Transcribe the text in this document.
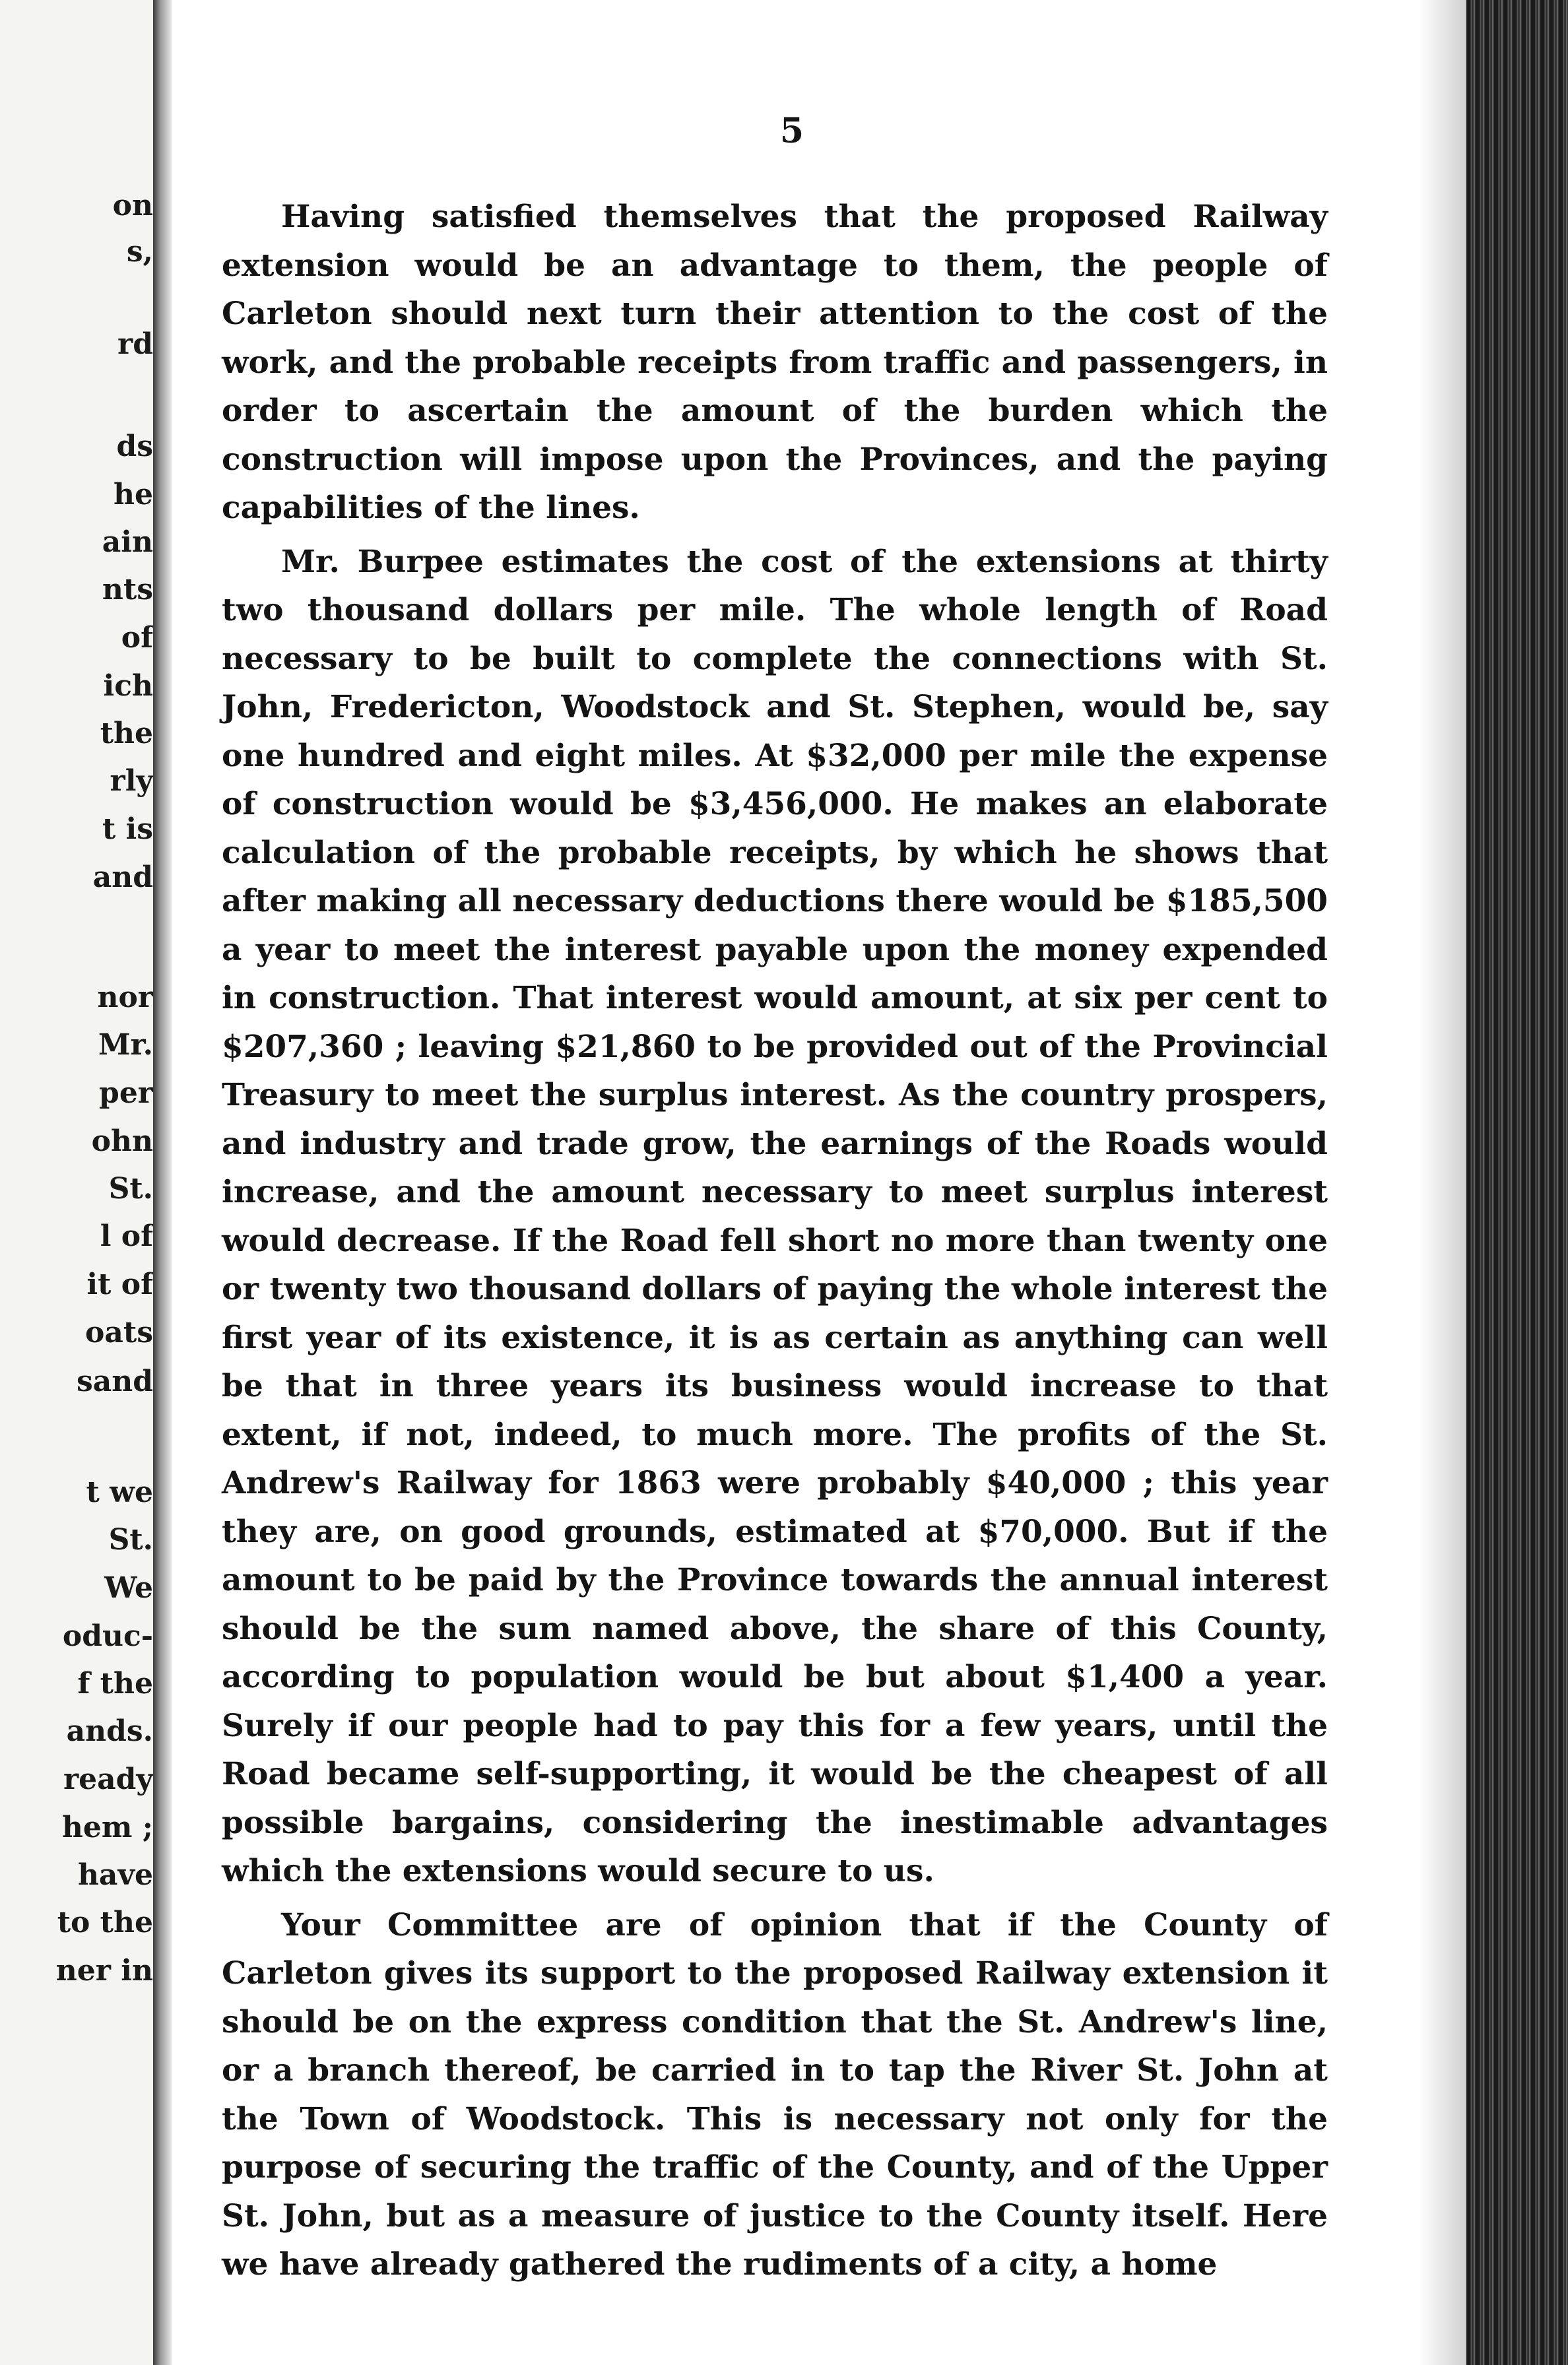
on
s,
rd
ds
he
ain
nts
of
ich
the
rly
t is
and
nor
Mr.
per
ohn
St.
l of
it of
oats
sand
t we
St.
We
oduc-
f the
ands.
ready
hem ;
have
to the
ner in
5

Having satisfied themselves that the proposed Railway extension would be an advantage to them, the people of Carleton should next turn their attention to the cost of the work, and the probable receipts from traffic and passengers, in order to ascertain the amount of the burden which the construction will impose upon the Provinces, and the paying capabilities of the lines.

Mr. Burpee estimates the cost of the extensions at thirty two thousand dollars per mile. The whole length of Road necessary to be built to complete the connections with St. John, Fredericton, Woodstock and St. Stephen, would be, say one hundred and eight miles. At $32,000 per mile the expense of construction would be $3,456,000. He makes an elaborate calculation of the probable receipts, by which he shows that after making all necessary deductions there would be $185,500 a year to meet the interest payable upon the money expended in construction. That interest would amount, at six per cent to $207,360 ; leaving $21,860 to be provided out of the Provincial Treasury to meet the surplus interest. As the country prospers, and industry and trade grow, the earnings of the Roads would increase, and the amount necessary to meet surplus interest would decrease. If the Road fell short no more than twenty one or twenty two thousand dollars of paying the whole interest the first year of its existence, it is as certain as anything can well be that in three years its business would increase to that extent, if not, indeed, to much more. The profits of the St. Andrew's Railway for 1863 were probably $40,000 ; this year they are, on good grounds, estimated at $70,000. But if the amount to be paid by the Province towards the annual interest should be the sum named above, the share of this County, according to population would be but about $1,400 a year. Surely if our people had to pay this for a few years, until the Road became self-supporting, it would be the cheapest of all possible bargains, considering the inestimable advantages which the extensions would secure to us.

Your Committee are of opinion that if the County of Carleton gives its support to the proposed Railway extension it should be on the express condition that the St. Andrew's line, or a branch thereof, be carried in to tap the River St. John at the Town of Woodstock. This is necessary not only for the purpose of securing the traffic of the County, and of the Upper St. John, but as a measure of justice to the County itself. Here we have already gathered the rudiments of a city, a home
